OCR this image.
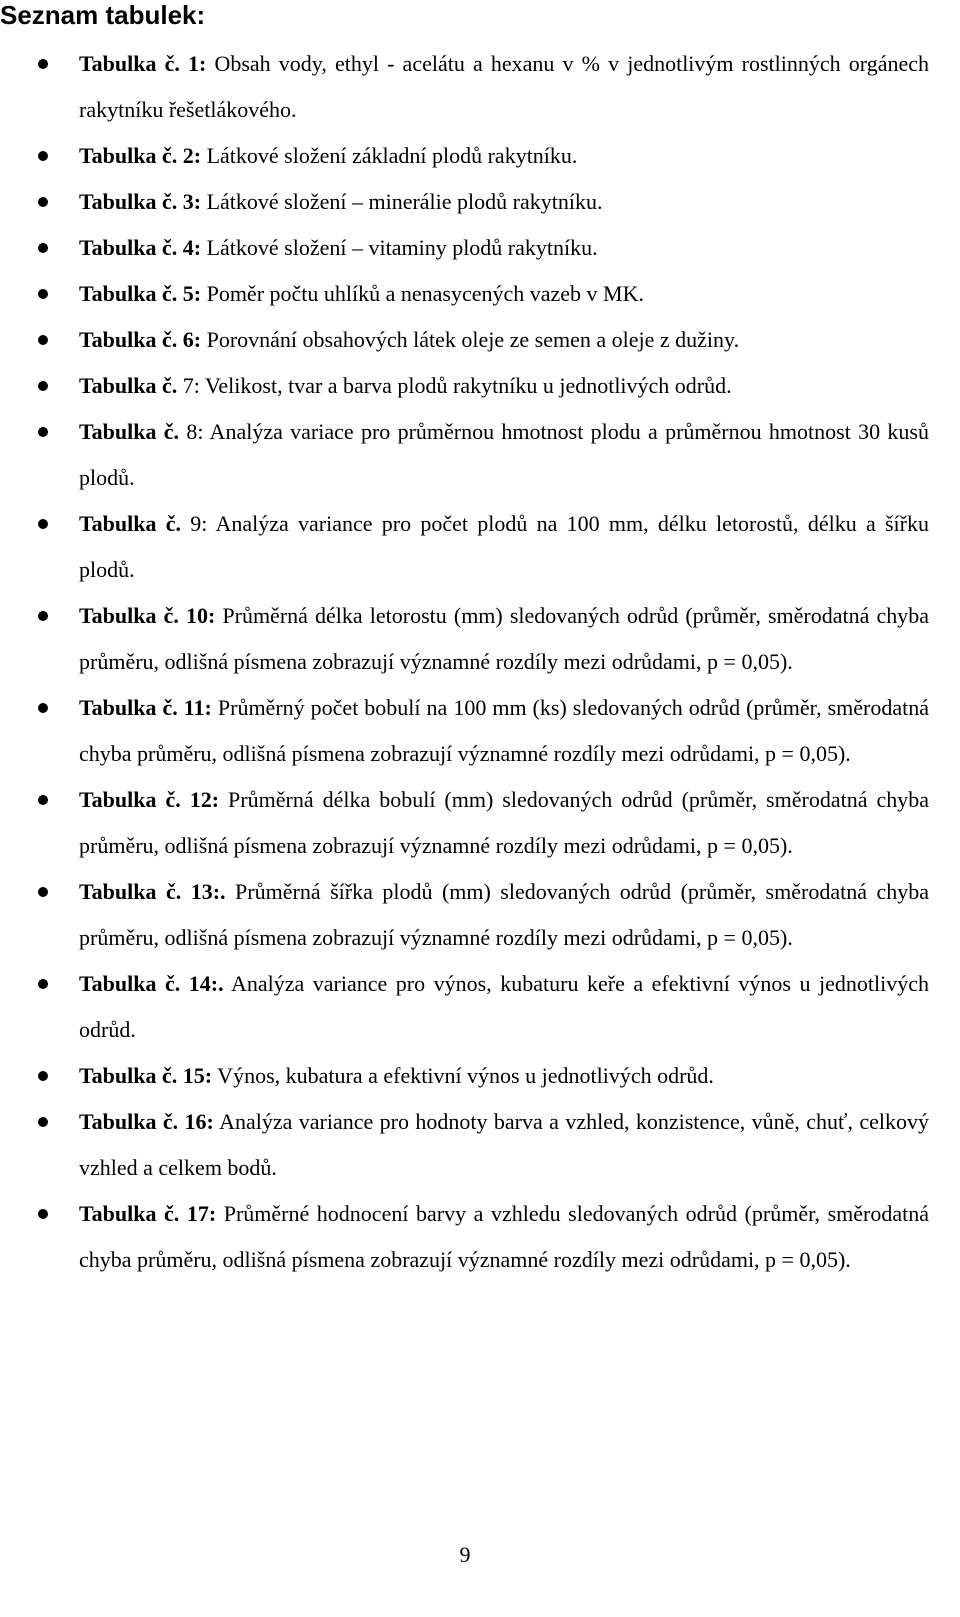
Seznam tabulek:
Tabulka č. 1: Obsah vody, ethyl - acelátu a hexanu v % v jednotlivým rostlinných orgánech rakytníku řešetlákového.
Tabulka č. 2: Látkové složení základní plodů rakytníku.
Tabulka č. 3: Látkové složení – minerálie plodů rakytníku.
Tabulka č. 4: Látkové složení – vitaminy plodů rakytníku.
Tabulka č. 5: Poměr počtu uhlíků a nenasycených vazeb v MK.
Tabulka č. 6: Porovnání obsahových látek oleje ze semen a oleje z dužiny.
Tabulka č. 7: Velikost, tvar a barva plodů rakytníku u jednotlivých odrůd.
Tabulka č. 8: Analýza variace pro průměrnou hmotnost plodu a průměrnou hmotnost 30 kusů plodů.
Tabulka č. 9: Analýza variance pro počet plodů na 100 mm, délku letorostů, délku a šířku plodů.
Tabulka č. 10: Průměrná délka letorostu (mm) sledovaných odrůd (průměr, směrodatná chyba průměru, odlišná písmena zobrazují významné rozdíly mezi odrůdami, p = 0,05).
Tabulka č. 11: Průměrný počet bobulí na 100 mm (ks) sledovaných odrůd (průměr, směrodatná chyba průměru, odlišná písmena zobrazují významné rozdíly mezi odrůdami, p = 0,05).
Tabulka č. 12: Průměrná délka bobulí (mm) sledovaných odrůd (průměr, směrodatná chyba průměru, odlišná písmena zobrazují významné rozdíly mezi odrůdami, p = 0,05).
Tabulka č. 13:. Průměrná šířka plodů (mm) sledovaných odrůd (průměr, směrodatná chyba průměru, odlišná písmena zobrazují významné rozdíly mezi odrůdami, p = 0,05).
Tabulka č. 14:. Analýza variance pro výnos, kubaturu keře a efektivní výnos u jednotlivých odrůd.
Tabulka č. 15: Výnos, kubatura a efektivní výnos u jednotlivých odrůd.
Tabulka č. 16: Analýza variance pro hodnoty barva a vzhled, konzistence, vůně, chuť, celkový vzhled a celkem bodů.
Tabulka č. 17: Průměrné hodnocení barvy a vzhledu sledovaných odrůd (průměr, směrodatná chyba průměru, odlišná písmena zobrazují významné rozdíly mezi odrůdami, p = 0,05).
9
